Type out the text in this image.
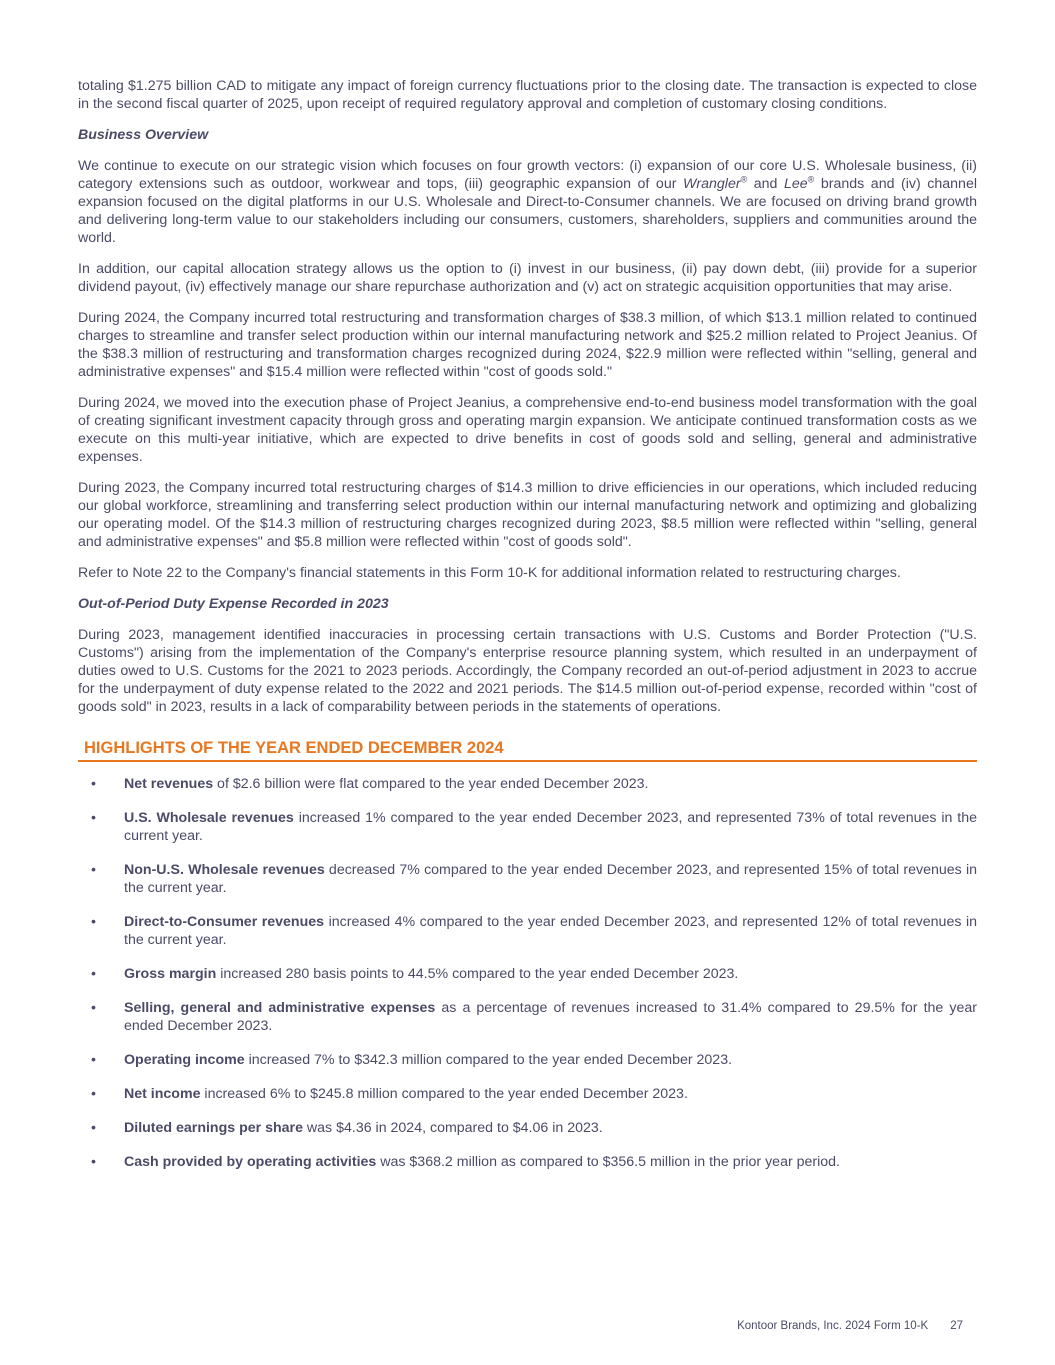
totaling $1.275 billion CAD to mitigate any impact of foreign currency fluctuations prior to the closing date. The transaction is expected to close in the second fiscal quarter of 2025, upon receipt of required regulatory approval and completion of customary closing conditions.

Business Overview

We continue to execute on our strategic vision which focuses on four growth vectors: (i) expansion of our core U.S. Wholesale business, (ii) category extensions such as outdoor, workwear and tops, (iii) geographic expansion of our Wrangler® and Lee® brands and (iv) channel expansion focused on the digital platforms in our U.S. Wholesale and Direct-to-Consumer channels. We are focused on driving brand growth and delivering long-term value to our stakeholders including our consumers, customers, shareholders, suppliers and communities around the world.

In addition, our capital allocation strategy allows us the option to (i) invest in our business, (ii) pay down debt, (iii) provide for a superior dividend payout, (iv) effectively manage our share repurchase authorization and (v) act on strategic acquisition opportunities that may arise.

During 2024, the Company incurred total restructuring and transformation charges of $38.3 million, of which $13.1 million related to continued charges to streamline and transfer select production within our internal manufacturing network and $25.2 million related to Project Jeanius. Of the $38.3 million of restructuring and transformation charges recognized during 2024, $22.9 million were reflected within "selling, general and administrative expenses" and $15.4 million were reflected within "cost of goods sold."

During 2024, we moved into the execution phase of Project Jeanius, a comprehensive end-to-end business model transformation with the goal of creating significant investment capacity through gross and operating margin expansion. We anticipate continued transformation costs as we execute on this multi-year initiative, which are expected to drive benefits in cost of goods sold and selling, general and administrative expenses.

During 2023, the Company incurred total restructuring charges of $14.3 million to drive efficiencies in our operations, which included reducing our global workforce, streamlining and transferring select production within our internal manufacturing network and optimizing and globalizing our operating model. Of the $14.3 million of restructuring charges recognized during 2023, $8.5 million were reflected within "selling, general and administrative expenses" and $5.8 million were reflected within "cost of goods sold".

Refer to Note 22 to the Company's financial statements in this Form 10-K for additional information related to restructuring charges.

Out-of-Period Duty Expense Recorded in 2023

During 2023, management identified inaccuracies in processing certain transactions with U.S. Customs and Border Protection ("U.S. Customs") arising from the implementation of the Company's enterprise resource planning system, which resulted in an underpayment of duties owed to U.S. Customs for the 2021 to 2023 periods. Accordingly, the Company recorded an out-of-period adjustment in 2023 to accrue for the underpayment of duty expense related to the 2022 and 2021 periods. The $14.5 million out-of-period expense, recorded within "cost of goods sold" in 2023, results in a lack of comparability between periods in the statements of operations.

HIGHLIGHTS OF THE YEAR ENDED DECEMBER 2024
• Net revenues of $2.6 billion were flat compared to the year ended December 2023.
• U.S. Wholesale revenues increased 1% compared to the year ended December 2023, and represented 73% of total revenues in the current year.
• Non-U.S. Wholesale revenues decreased 7% compared to the year ended December 2023, and represented 15% of total revenues in the current year.
• Direct-to-Consumer revenues increased 4% compared to the year ended December 2023, and represented 12% of total revenues in the current year.
• Gross margin increased 280 basis points to 44.5% compared to the year ended December 2023.
• Selling, general and administrative expenses as a percentage of revenues increased to 31.4% compared to 29.5% for the year ended December 2023.
• Operating income increased 7% to $342.3 million compared to the year ended December 2023.
• Net income increased 6% to $245.8 million compared to the year ended December 2023.
• Diluted earnings per share was $4.36 in 2024, compared to $4.06 in 2023.
• Cash provided by operating activities was $368.2 million as compared to $356.5 million in the prior year period.
Kontoor Brands, Inc. 2024 Form 10-K 27
